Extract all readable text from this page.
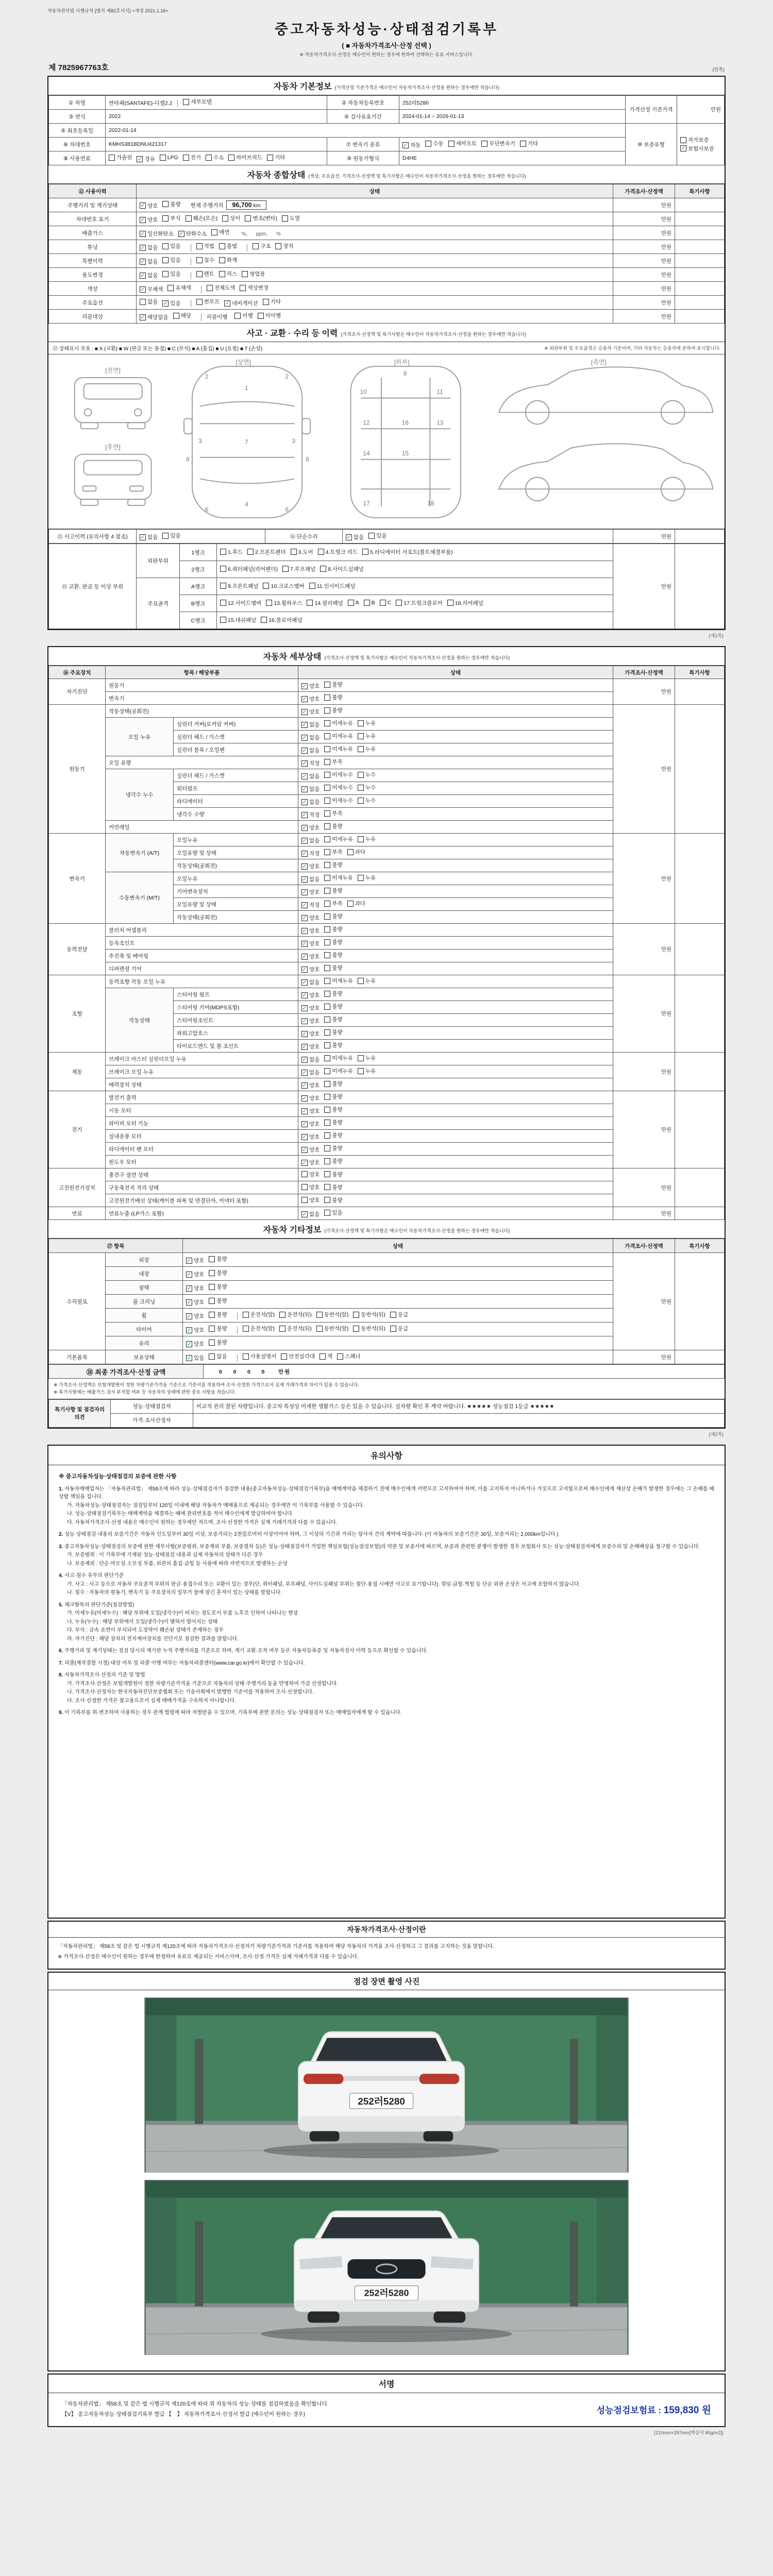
자동차관리법 시행규칙 [별지 제82호서식] <개정 2021.1.16>
중고자동차성능·상태점검기록부
( ■ 자동차가격조사·산정 선택 )
※ 자동차가격조사·산정은 매수인이 원하는 경우에 한하여 선택하는 유료 서비스입니다.
제 7825967763호	(앞쪽)
자동차 기본정보 (가격산정 기준가격은 매수인이 자동차가격조사·산정을 원하는 경우에만 적습니다)
① 차명	싼타페(SANTAFE)-디젤2.2 세부모델	② 자동차등록번호	252러5280	가격산정 기준가격	만원
③ 연식	2022	④ 검사유효기간	2024-01-14 ~ 2026-01-13		
⑤ 최초등록일	2022-01-14			⑩ 보증유형	자가보증
✓ 보험사보증

⑥ 차대번호	KMHS381BDNU421317	⑦ 변속기 종류	✓ 자동 수동 세미오토 무단변속기 기타

⑧ 사용연료	가솔린 ✓ 경유 LPG 전기 수소 하이브리드 기타	⑨ 원동기형식	D4HE
자동차 종합상태 (색상, 주요옵션, 가격조사·산정액 및 특기사항은 매수인이 자동차가격조사·산정을 원하는 경우에만 적습니다)
⑪ 사용이력	상태	가격조사·산정액	특기사항
주행거리 및 계기상태	✓ 양호 불량 현재 주행거리 96,700 km	만원	
차대번호 표기	✓ 양호 부식 훼손(오손) 상이 변조(변타) 도말	만원	
배출가스	✓ 일산화탄소 ✓ 탄화수소 매연 %,      ppm,      %	만원	
튜닝	✓ 없음 있음	적법 불법	구조 장치	만원	
특별이력	✓ 없음 있음 침수 화재	만원	
용도변경	✓ 없음 있음	렌트 리스 영업용	만원	
색상	✓ 무채색 유채색 전체도색 색상변경	만원	
주요옵션	없음 ✓ 있음	썬루프 ✓ 네비게이션 기타	만원	
리콜대상	✓ 해당없음 해당	리콜이행	이행 미이행	만원	
사고 · 교환 · 수리 등 이력 (가격조사·산정액 및 특기사항은 매수인이 자동차가격조사·산정을 원하는 경우에만 적습니다)
⑫ 상태표시 부호 : ■ X (교환) ■ W (판금 또는 용접) ■ C (부식) ■ A (흠집) ■ U (요철) ■ T (손상)	※ 외판부위 및 주요골격은 승용차 기준이며, 기타 자동차는 승용차에 준하여 표시합니다.
1
7
4
2	2
3	3
6	6
8	8
9
10	11
12	13
14	15
16
17	18
[전면]
[후면]
[상면]	[하부]	[측면]
⑬ 사고이력 (유의사항 4 참조)	✓ 없음 있음	⑭ 단순수리	✓ 없음 있음	만원	
⑮ 교환, 판금 등 이상 부위	외판부위	1랭크	1.후드 2.프론트펜더 3.도어 4.트렁크 리드 5.라디에이터 서포트(볼트체결부품)	만원	
		2랭크	6.쿼터패널(리어펜더) 7.루프패널 8.사이드실패널		

	주요골격	A랭크	9.프론트패널 10.크로스멤버 11.인사이드패널		

B랭크	12.사이드멤버 13.휠하우스 14.필러패널 A B C 17.트렁크플로어 18.리어패널

		C랭크	15.대쉬패널 16.플로어패널		
(제1쪽)
자동차 세부상태 (가격조사·산정액 및 특기사항은 매수인이 자동차가격조사·산정을 원하는 경우에만 적습니다)
⑯ 주요장치	항목 / 해당부품		상태	가격조사·산정액	특기사항
자기진단	원동기		✓ 양호 불량	만원	
	변속기		✓ 양호 불량		

원동기	작동상태(공회전)		✓ 양호 불량	만원	
	오일 누유	실린더 커버(로커암 커버)	✓ 없음 미세누유 누유		

		실린더 헤드 / 가스켓	✓ 없음 미세누유 누유		

		실린더 블록 / 오일팬	✓ 없음 미세누유 누유		

	오일 유량		✓ 적정 부족		

	냉각수 누수	실린더 헤드 / 가스켓	✓ 없음 미세누수 누수		

		워터펌프	✓ 없음 미세누수 누수		

		라디에이터	✓ 없음 미세누수 누수		

		냉각수 수량	✓ 적정 부족		

	커먼레일		✓ 양호 불량		

변속기	자동변속기 (A/T)	오일누유	✓ 없음 미세누유 누유	만원	
		오일유량 및 상태	✓ 적정 부족 과다		

		작동상태(공회전)	✓ 양호 불량		

	수동변속기 (M/T)	오일누유	✓ 없음 미세누유 누유		

		기어변속장치	✓ 양호 불량		

		오일유량 및 상태	✓ 적정 부족 과다		

		작동상태(공회전)	✓ 양호 불량		

동력전달	클러치 어셈블리		✓ 양호 불량	만원	
	등속조인트		✓ 양호 불량		

	추진축 및 베어링		✓ 양호 불량		

	디퍼렌셜 기어		✓ 양호 불량		

조향	동력조향 작동 오일 누유		✓ 없음 미세누유 누유	만원	
	작동상태	스티어링 펌프	✓ 양호 불량		

		스티어링 기어(MDPS포함)	✓ 양호 불량		

		스티어링조인트	✓ 양호 불량		

		파워고압호스	✓ 양호 불량		

		타이로드엔드 및 볼 조인트	✓ 양호 불량		

제동	브레이크 마스터 실린더오일 누유		✓ 없음 미세누유 누유	만원	
	브레이크 오일 누유		✓ 없음 미세누유 누유		

	배력장치 상태		✓ 양호 불량		

전기	발전기 출력		✓ 양호 불량	만원	
	시동 모터		✓ 양호 불량		

	와이퍼 모터 기능		✓ 양호 불량		

	실내송풍 모터		✓ 양호 불량		

	라디에이터 팬 모터		✓ 양호 불량		

	윈도우 모터		✓ 양호 불량		

고전원전기장치	충전구 절연 상태		양호 불량	만원	
	구동축전지 격리 상태		양호 불량		

	고전원전기배선 상태(케이블 피복 및 연결단자, 커넥터 포함)		양호 불량		

연료	연료누출 (LP가스 포함)		✓ 없음 있음	만원	
자동차 기타정보 (가격조사·산정액 및 특기사항은 매수인이 자동차가격조사·산정을 원하는 경우에만 적습니다)
⑰ 항목		상태	가격조사·산정액	특기사항
수리필요	외장	✓ 양호 불량	만원	
	내장	✓ 양호 불량		

	광택	✓ 양호 불량		

	룸 크리닝	✓ 양호 불량		

휠	✓ 양호 불량	운전석(앞) 운전석(뒤) 동반석(앞) 동반석(뒤) 응급

타이어	✓ 양호 불량	운전석(앞) 운전석(뒤) 동반석(앞) 동반석(뒤) 응급

	유리	✓ 양호 불량		

기본품목	보유상태	✓ 있음 없음	사용설명서 안전삼각대 잭 스패너	만원	
⑱ 최종 가격조사·산정 금액	0    0    0    0     만원
※ 가격조사·산정액은 보험개발원이 정한 차량기준가격을 기준으로 기준서를 적용하여 조사·산정한 가격으로서 실제 거래가격과 차이가 있을 수 있습니다.
※ 특기사항에는 배출가스·검사 부적합 여부 등 자동차의 상태에 관한 중요 사항을 적습니다.
특기사항 및 점검자의 의견	성능·상태점검자	비교적 관리 잘된 차량입니다. 중고차 특성상 미세한 생활기스 등은 있을 수 있습니다. 실차량 확인 후 계약 바랍니다. ★★★★★ 성능점검 1등급 ★★★★★
	가격·조사산정자	
(제2쪽)
유의사항
※ 중고자동차성능·상태점검의 보증에 관한 사항
1. 자동차매매업자는 「자동차관리법」 제58조에 따라 성능·상태점검자가 점검한 내용(중고자동차성능·상태점검기록부)을 매매계약을 체결하기 전에 매수인에게 서면으로 고지하여야 하며, 이를 고지하지 아니하거나 거짓으로 고지함으로써 매수인에게 재산상 손해가 발생한 경우에는 그 손해를 배상할 책임을 집니다.
가. 자동차성능·상태점검자는 점검일부터 120일 이내에 해당 자동차가 매매용으로 제공되는 경우에만 이 기록부를 사용할 수 있습니다.
나. 성능·상태점검기록부는 매매계약을 체결하는 때에 관리번호를 적어 매수인에게 발급하여야 합니다.
다. 자동차가격조사·산정 내용은 매수인이 원하는 경우에만 적으며, 조사·산정한 가격은 실제 거래가격과 다를 수 있습니다.
2. 성능·상태점검 내용의 보증기간은 자동차 인도일부터 30일 이상, 보증거리는 2천킬로미터 이상이어야 하며, 그 이상의 기간과 거리는 당사자 간의 계약에 따릅니다. (이 자동차의 보증기간은 30일, 보증거리는 2,000km입니다.)
3. 중고자동차성능·상태점검의 보증에 관한 세부사항(보증범위, 보증제외 부품, 보증절차 등)은 성능·상태점검자가 가입한 책임보험(성능점검보험)의 약관 및 보증서에 따르며, 보증과 관련한 분쟁이 발생한 경우 보험회사 또는 성능·상태점검자에게 보증수리 및 손해배상을 청구할 수 있습니다.
가. 보증범위 : 이 기록부에 기재된 성능·상태점검 내용과 실제 자동차의 상태가 다른 경우
나. 보증제외 : 단순 마모성·소모성 부품, 외관의 흠집·긁힘 등 사용에 따라 자연적으로 발생하는 손상
4. 사고·침수 유무의 판단기준
가. 사고 : 사고 등으로 자동차 주요골격 부위의 판금·용접수리 또는 교환이 있는 경우(단, 쿼터패널, 루프패널, 사이드실패널 부위는 절단·용접 시에만 사고로 표기합니다). 꺾임·긁힘·찍힘 등 단순 외판 손상은 사고에 포함하지 않습니다.
나. 침수 : 자동차의 원동기, 변속기 등 주요장치의 일부가 물에 잠긴 흔적이 있는 상태를 말합니다.
5. 체크항목의 판단기준(점검방법)
가. 미세누유(미세누수) : 해당 부위에 오일(냉각수)이 비치는 정도로서 부품 노후로 인하여 나타나는 현상
나. 누유(누수) : 해당 부위에서 오일(냉각수)이 맺혀서 떨어지는 상태
다. 부식 : 금속 표면이 부식되어 도장막이 훼손된 상태가 존재하는 경우
라. 자기진단 : 해당 장치의 전자제어장치를 진단기로 점검한 결과를 말합니다.
6. 주행거리 및 계기상태는 점검 당시의 계기판 누적 주행거리를 기준으로 하며, 계기 교환·조작 여부 등은 자동차등록증 및 자동차검사 이력 등으로 확인할 수 있습니다.
7. 리콜(제작결함 시정) 대상 여부 및 리콜 이행 여부는 자동차리콜센터(www.car.go.kr)에서 확인할 수 있습니다.
8. 자동차가격조사·산정의 기준 및 방법
가. 가격조사·산정은 보험개발원이 정한 차량기준가격을 기준으로 자동차의 상태·주행거리 등을 반영하여 가감 산정합니다.
나. 가격조사·산정자는 한국자동차진단보증협회 또는 기술사회에서 발행한 기준서를 적용하여 조사·산정합니다.
다. 조사·산정한 가격은 참고용으로서 실제 매매가격을 구속하지 아니합니다.
9. 이 기록부를 위·변조하여 사용하는 경우 관계 법령에 따라 처벌받을 수 있으며, 기록부에 관한 문의는 성능·상태점검자 또는 매매업자에게 할 수 있습니다.
자동차가격조사·산정이란

「자동차관리법」 제58조 및 같은 법 시행규칙 제120조에 따라 자동차가격조사·산정자가 차량기준가격과 기준서를 적용하여 해당 자동차의 가격을 조사·산정하고 그 결과를 고지하는 것을 말합니다.

※ 가격조사·산정은 매수인이 원하는 경우에 한정하여 유료로 제공되는 서비스이며, 조사·산정 가격은 실제 거래가격과 다를 수 있습니다.

점검 장면 촬영 사진
252러5280
252러5280
서명
「자동차관리법」 제58조 및 같은 법 시행규칙 제120조에 따라 위 자동차의 성능·상태를 점검하였음을 확인합니다.
【V】 중고자동차성능·상태점검기록부 발급 【　】 자동차가격조사·산정서 발급 (매수인이 원하는 경우)	성능점검보험료 : 159,830 원
(210mm×297mm[백상지 80g/m2])
